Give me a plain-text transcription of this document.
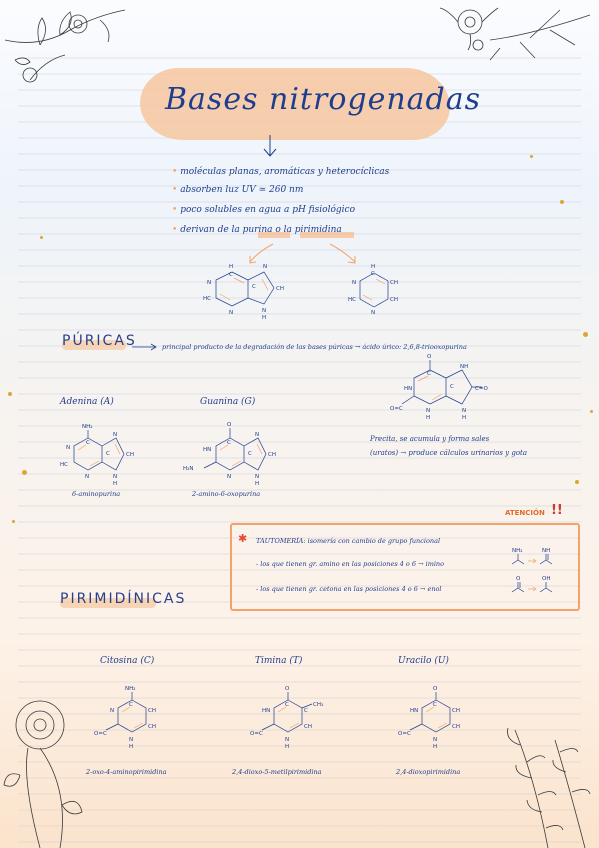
Bases nitrogenadas
• moléculas planas, aromáticas y heterocíclicas
• absorben luz UV ≃ 260 nm
• poco solubles en agua a pH fisiológico
• derivan de la purina o la pirimidina
PÚRICAS	principal producto de la degradación de las bases púricas → ácido úrico: 2,6,8-triooxopurina
Adenina (A)	Guanina (G)
6-aminopurina	2-amino-6-oxopurina
Precita, se acumula y forma sales
(uratos) → produce cálculos urinarios y gota
ATENCIÓN !!
✱ TAUTOMERÍA: isomería con cambio de grupo funcional
- los que tienen gr. amino en las posiciones 4 o 6 → imino
- los que tienen gr. cetona en las posiciones 4 o 6 → enol
PIRIMIDÍNICAS
Citosina (C)	Timina (T)	Uracilo (U)
2-oxo-4-aminopirimidina	2,4-dioxo-5-metilpirimidina	2,4-dioxopirimidina
H
C
N
HC
N
C
N
CH
N
H
H
C
N	CH
HC	CH
N
O
C
HN	C
NH
O=C	N
H
N
H
C=O
NH₂
C
N
HC
N
C
N
CH
N
H
O
C
HN
H₂N
N
C
N
CH
N
H
NH₂	NH
O	OH
NH₂
C
N	CH
O=C
CH
N
H
O
C
HN	C
CH₃
O=C
CH
N
H
O
C
HN	CH
O=C
CH
N
H
